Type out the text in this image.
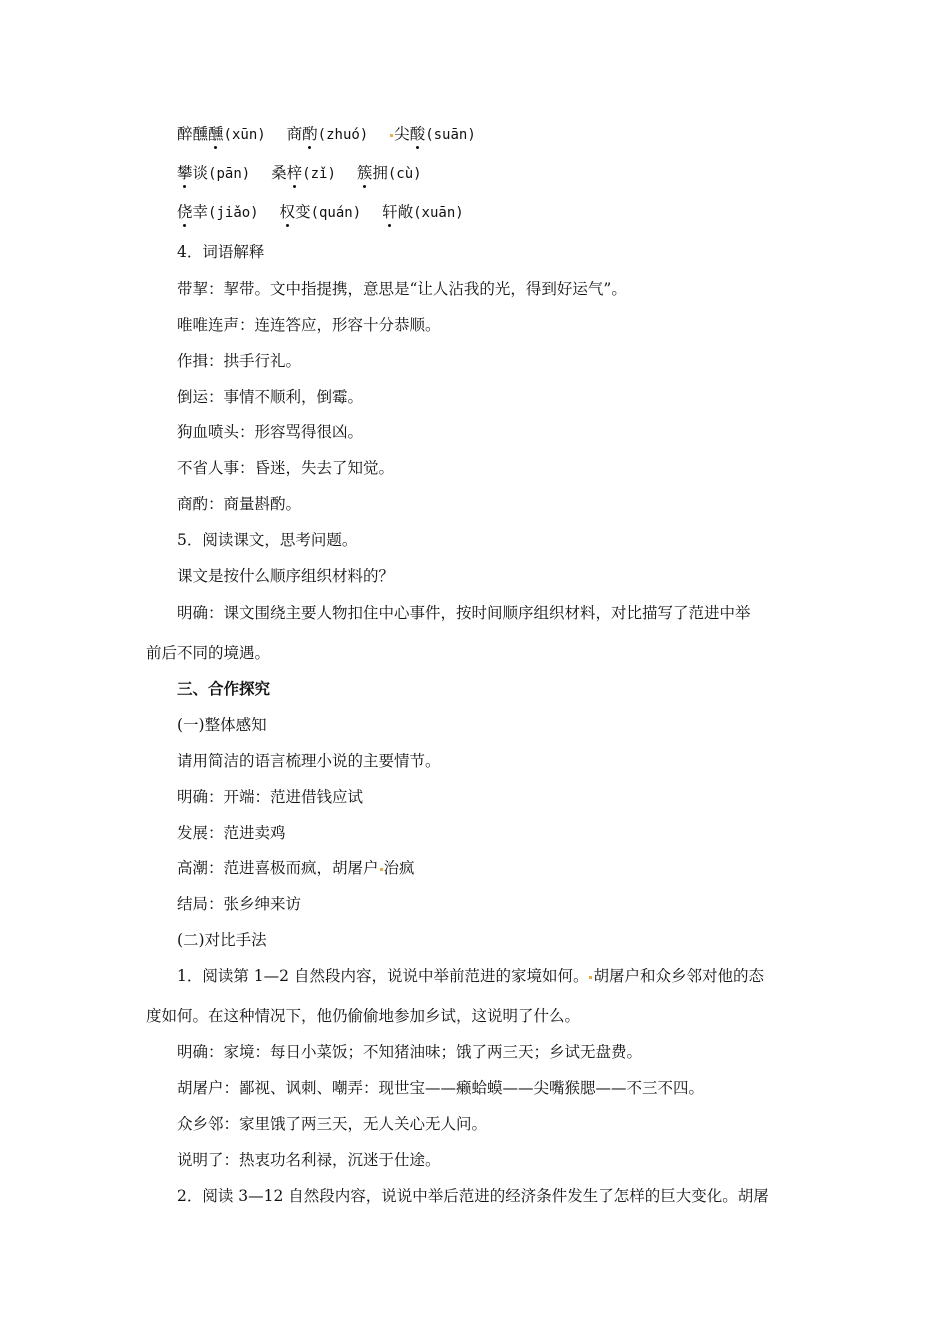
醉醺醺(xūn) 商酌(zhuó) 尖酸(suān)
攀谈(pān) 桑梓(zǐ) 簇拥(cù)
侥幸(jiǎo) 权变(quán) 轩敞(xuān)
4．词语解释
带挈：挈带。文中指提携，意思是“让人沾我的光，得到好运气”。
唯唯连声：连连答应，形容十分恭顺。
作揖：拱手行礼。
倒运：事情不顺利，倒霉。
狗血喷头：形容骂得很凶。
不省人事：昏迷，失去了知觉。
商酌：商量斟酌。
5．阅读课文，思考问题。
课文是按什么顺序组织材料的？
明确：课文围绕主要人物扣住中心事件，按时间顺序组织材料，对比描写了范进中举
前后不同的境遇。
三、合作探究
(一)整体感知
请用简洁的语言梳理小说的主要情节。
明确：开端：范进借钱应试
发展：范进卖鸡
高潮：范进喜极而疯，胡屠户 治疯
结局：张乡绅来访
(二)对比手法
1．阅读第 1—2 自然段内容，说说中举前范进的家境如何。 胡屠户和众乡邻对他的态
度如何。在这种情况下，他仍偷偷地参加乡试，这说明了什么。
明确：家境：每日小菜饭；不知猪油味；饿了两三天；乡试无盘费。
胡屠户：鄙视、讽刺、嘲弄：现世宝——癞蛤蟆——尖嘴猴腮——不三不四。
众乡邻：家里饿了两三天，无人关心无人问。
说明了：热衷功名利禄，沉迷于仕途。
2．阅读 3—12 自然段内容，说说中举后范进的经济条件发生了怎样的巨大变化。胡屠
